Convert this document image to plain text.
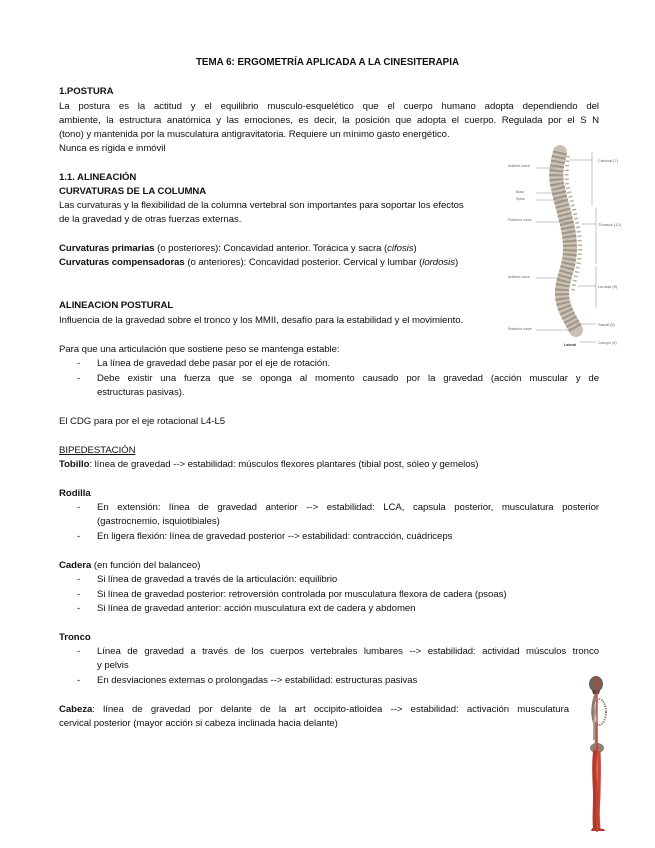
TEMA 6: ERGOMETRÍA APLICADA A LA CINESITERAPIA
1.POSTURA
La postura es la actitud y el equilibrio musculo-esquelético que el cuerpo humano adopta dependiendo del
ambiente, la estructura anatómica y las emociones, es decir, la posición que adopta el cuerpo. Regulada por el S N
(tono) y mantenida por la musculatura antigravitatoria. Requiere un mínimo gasto energético.
Nunca es rígida e inmóvil
1.1. ALINEACIÓN
CURVATURAS DE LA COLUMNA
Las curvaturas y la flexibilidad de la columna vertebral son importantes para soportar los efectos
de la gravedad y de otras fuerzas externas.
Curvaturas primarias (o posteriores): Concavidad anterior. Torácica y sacra (cifosis)
Curvaturas compensadoras (o anteriores): Concavidad posterior. Cervical y lumbar (lordosis)
ALINEACION POSTURAL
Influencia de la gravedad sobre el tronco y los MMII, desafío para la estabilidad y el movimiento.
Para que una articulación que sostiene peso se mantenga estable:
- La línea de gravedad debe pasar por el eje de rotación.
- Debe existir una fuerza que se oponga al momento causado por la gravedad (acción muscular y de
estructuras pasivas).
El CDG para por el eje rotacional L4-L5
BIPEDESTACIÓN
Tobillo: línea de gravedad --> estabilidad: músculos flexores plantares (tibial post, sóleo y gemelos)
Rodilla
- En extensión: línea de gravedad anterior --> estabilidad: LCA, capsula posterior, musculatura posterior
(gastrocnemio, isquiotibiales)
- En ligera flexión: línea de gravedad posterior --> estabilidad: contracción, cuádriceps
Cadera (en función del balanceo)
- Si línea de gravedad a través de la articulación: equilibrio
- Si línea de gravedad posterior: retroversión controlada por musculatura flexora de cadera (psoas)
- Si línea de gravedad anterior: acción musculatura ext de cadera y abdomen
Tronco
- Línea de gravedad a través de los cuerpos vertebrales lumbares --> estabilidad: actividad músculos tronco
y pelvis
- En desviaciones externas o prolongadas --> estabilidad: estructuras pasivas
Cabeza: línea de gravedad por delante de la art occipito-atloidea --> estabilidad: activación musculatura
cervical posterior (mayor acción si cabeza inclinada hacia delante)
Anterior curve
Body
Spine
Posterior curve
Anterior curve
Posterior curve
Cervical (7)
Thoracic (12)
Lumbar (5)
Sacral (5)
Coccyx (4)
Lateral
